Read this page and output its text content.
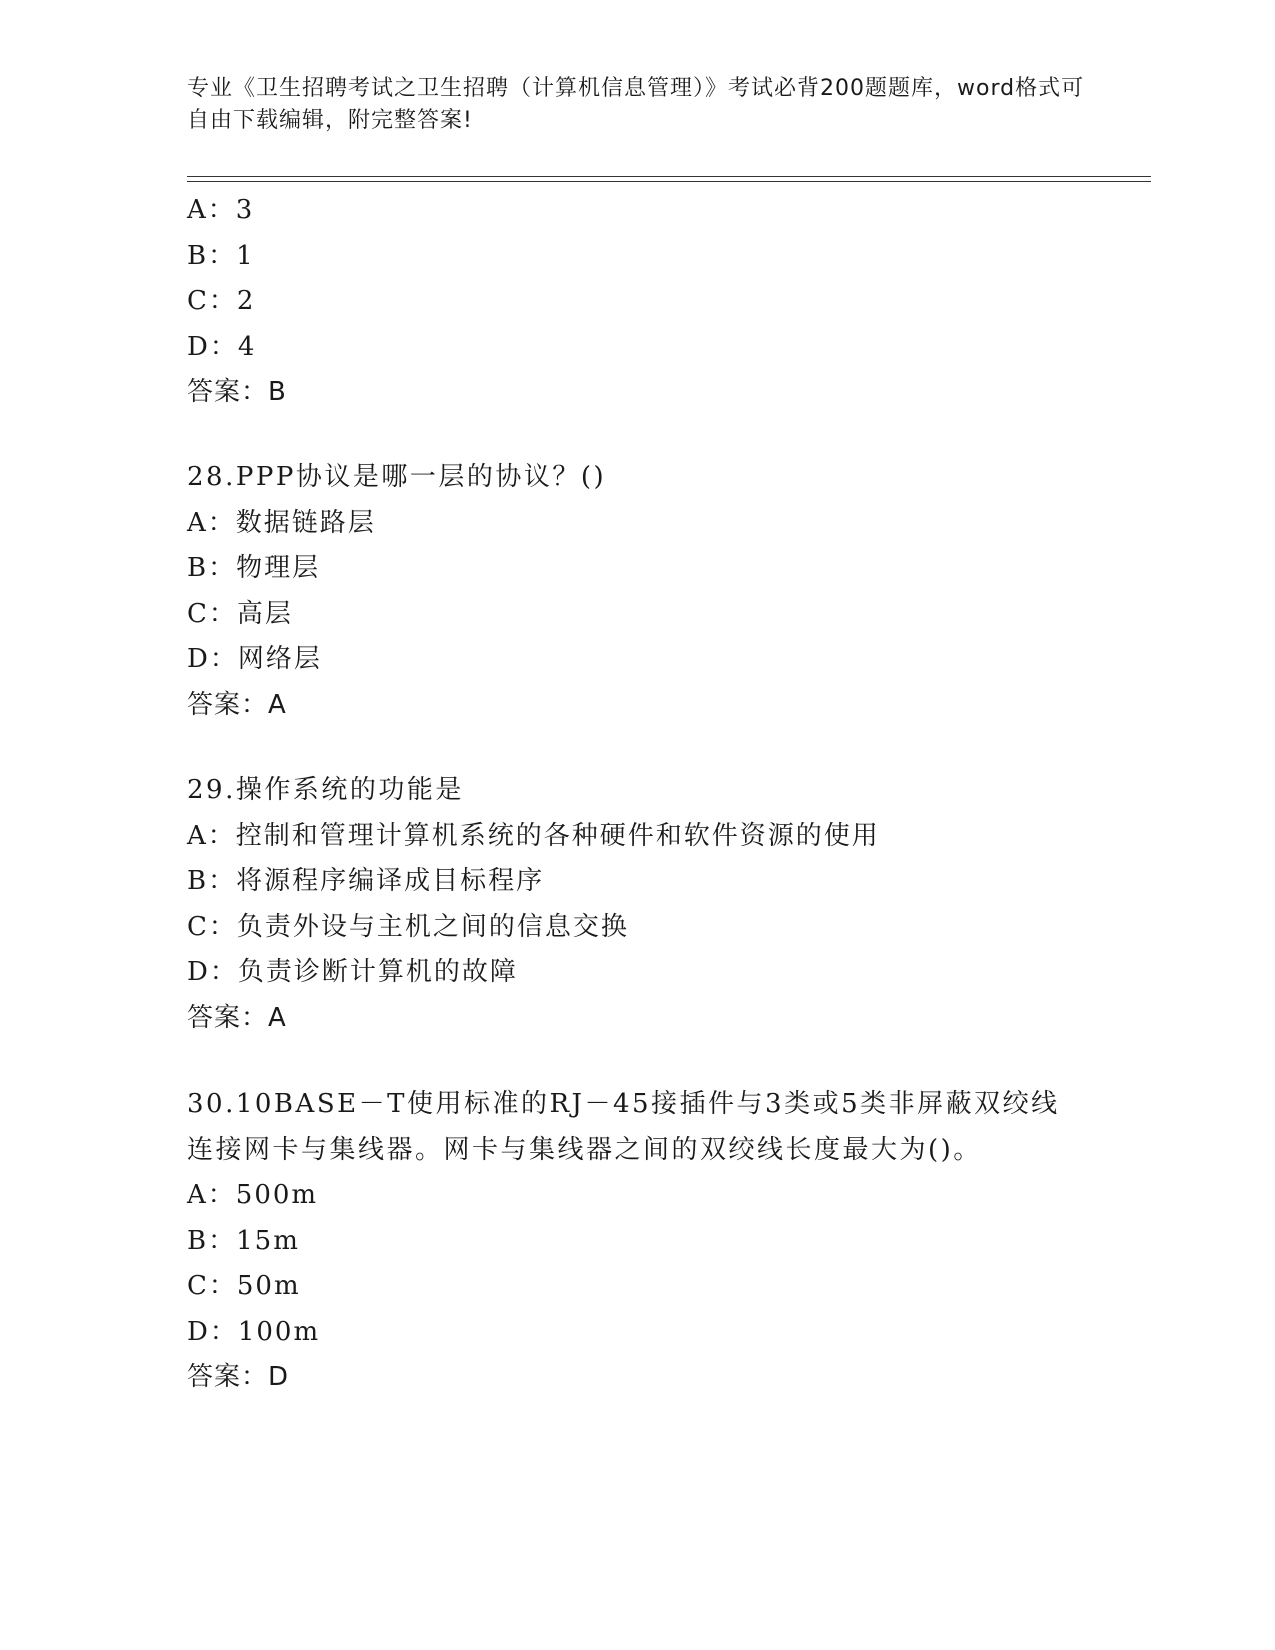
专业《卫生招聘考试之卫生招聘（计算机信息管理）》考试必背200题题库，word格式可自由下载编辑，附完整答案!
A：3
B：1
C：2
D：4
答案：B
28.PPP协议是哪一层的协议？()
A：数据链路层
B：物理层
C：高层
D：网络层
答案：A
29.操作系统的功能是
A：控制和管理计算机系统的各种硬件和软件资源的使用
B：将源程序编译成目标程序
C：负责外设与主机之间的信息交换
D：负责诊断计算机的故障
答案：A
30.10BASE－T使用标准的RJ－45接插件与3类或5类非屏蔽双绞线连接网卡与集线器。网卡与集线器之间的双绞线长度最大为()。
A：500m
B：15m
C：50m
D：100m
答案：D
